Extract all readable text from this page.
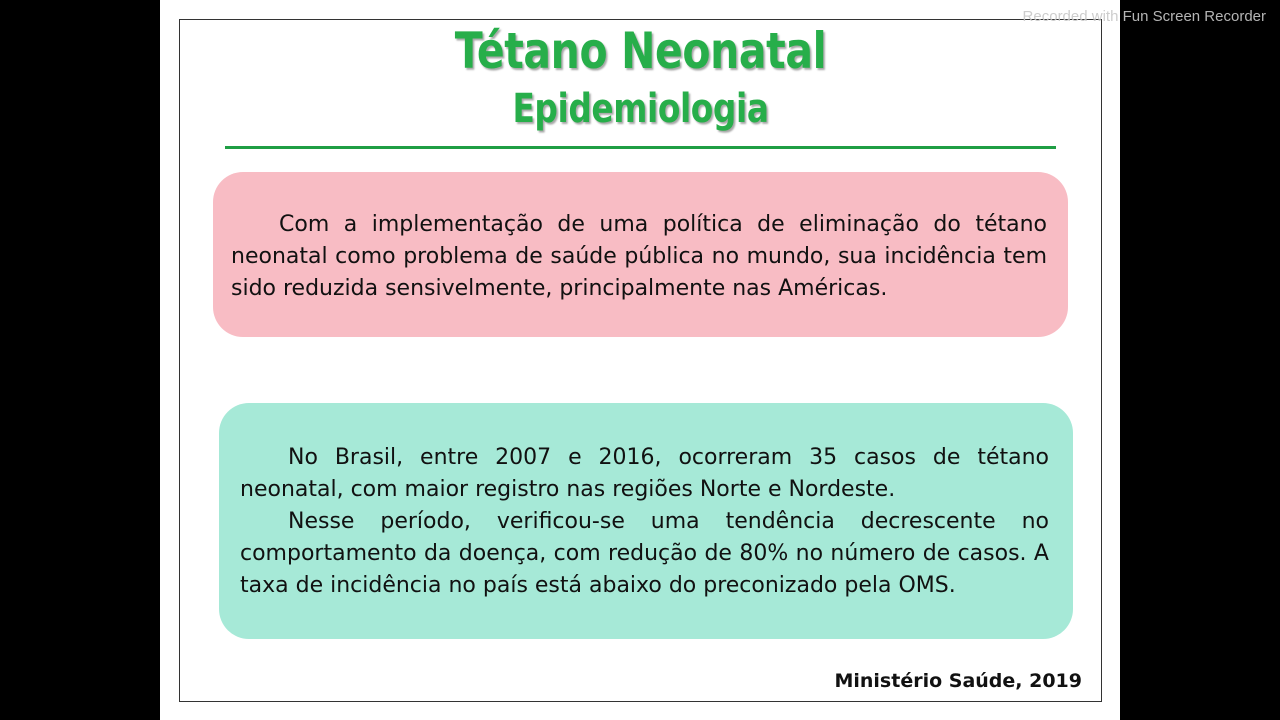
Tétano Neonatal
Epidemiologia

Com a implementação de uma política de eliminação do tétano neonatal como problema de saúde pública no mundo, sua incidência tem sido reduzida sensivelmente, principalmente nas Américas.

No Brasil, entre 2007 e 2016, ocorreram 35 casos de tétano neonatal, com maior registro nas regiões Norte e Nordeste.

Nesse período, verificou-se uma tendência decrescente no comportamento da doença, com redução de 80% no número de casos. A taxa de incidência no país está abaixo do preconizado pela OMS.

Ministério Saúde, 2019
Recorded with Fun Screen Recorder
